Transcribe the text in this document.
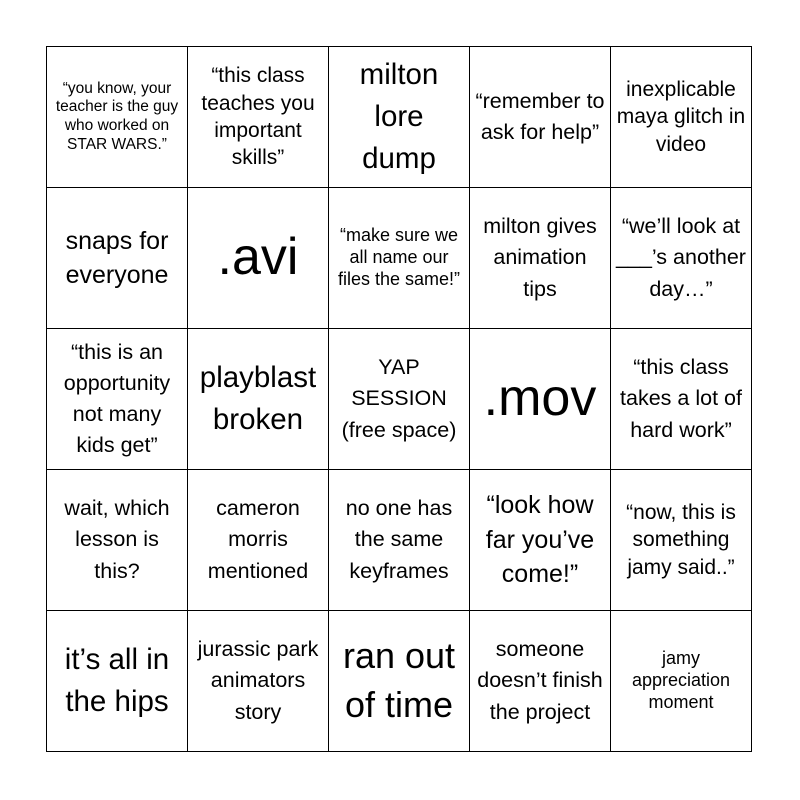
“you know, your teacher is the guy who worked on STAR WARS.”
“this class teaches you important skills”
milton lore dump
“remember to ask for help”
inexplicable maya glitch in video
snaps for everyone .avi	“make sure we all name our files the same!”
milton gives animation tips
“we’ll look at ___’s another day…”
“this is an opportunity not many kids get”
playblast broken
YAP SESSION (free space)
.mov
“this class takes a lot of hard work”
wait, which lesson is this?
cameron morris mentioned
no one has the same keyframes
“look how far you’ve come!”
“now, this is something jamy said..”
it’s all in the hips
jurassic park animators story
ran out of time
someone doesn’t finish the project
jamy appreciation moment
